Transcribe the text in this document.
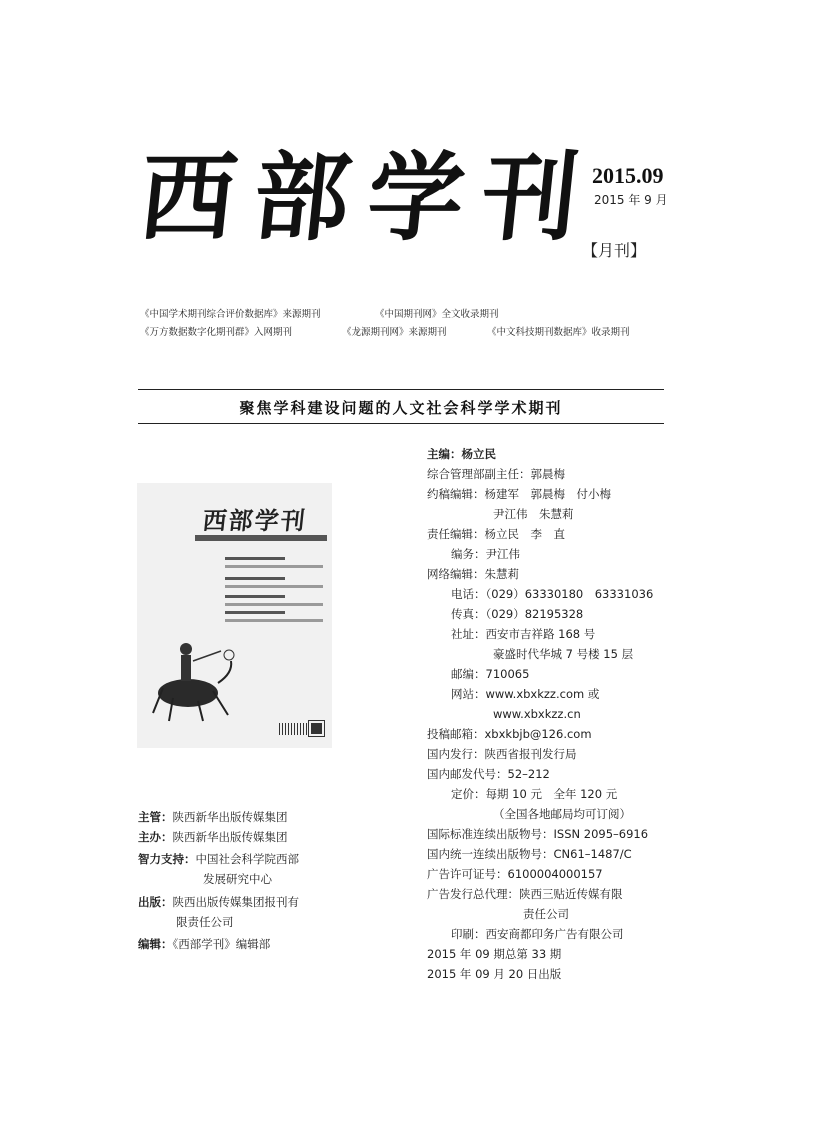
西部学刊
2015.09
2015 年 9 月
【月刊】
《中国学术期刊综合评价数据库》来源期刊	《中国期刊网》全文收录期刊
《万方数据数字化期刊群》入网期刊	《龙源期刊网》来源期刊	《中文科技期刊数据库》收录期刊
聚焦学科建设问题的人文社会科学学术期刊
西部学刊
主管：陕西新华出版传媒集团
主办：陕西新华出版传媒集团
智力支持：中国社会科学院西部
发展研究中心
出版：陕西出版传媒集团报刊有
限责任公司
编辑：《西部学刊》编辑部
主编：杨立民
综合管理部副主任：郭晨梅
约稿编辑：杨建军　郭晨梅　付小梅
尹江伟　朱慧莉
责任编辑：杨立民　李　直
编务：尹江伟
网络编辑：朱慧莉
电话：（029）63330180　63331036
传真：（029）82195328
社址：西安市吉祥路 168 号
豪盛时代华城 7 号楼 15 层
邮编：710065
网站：www.xbxkzz.com 或
www.xbxkzz.cn
投稿邮箱：xbxkbjb@126.com
国内发行：陕西省报刊发行局
国内邮发代号：52–212
定价：每期 10 元　全年 120 元
（全国各地邮局均可订阅）
国际标准连续出版物号：ISSN 2095–6916
国内统一连续出版物号：CN61–1487/C
广告许可证号：6100004000157
广告发行总代理：陕西三贴近传媒有限
责任公司
印刷：西安商都印务广告有限公司
2015 年 09 期总第 33 期
2015 年 09 月 20 日出版
